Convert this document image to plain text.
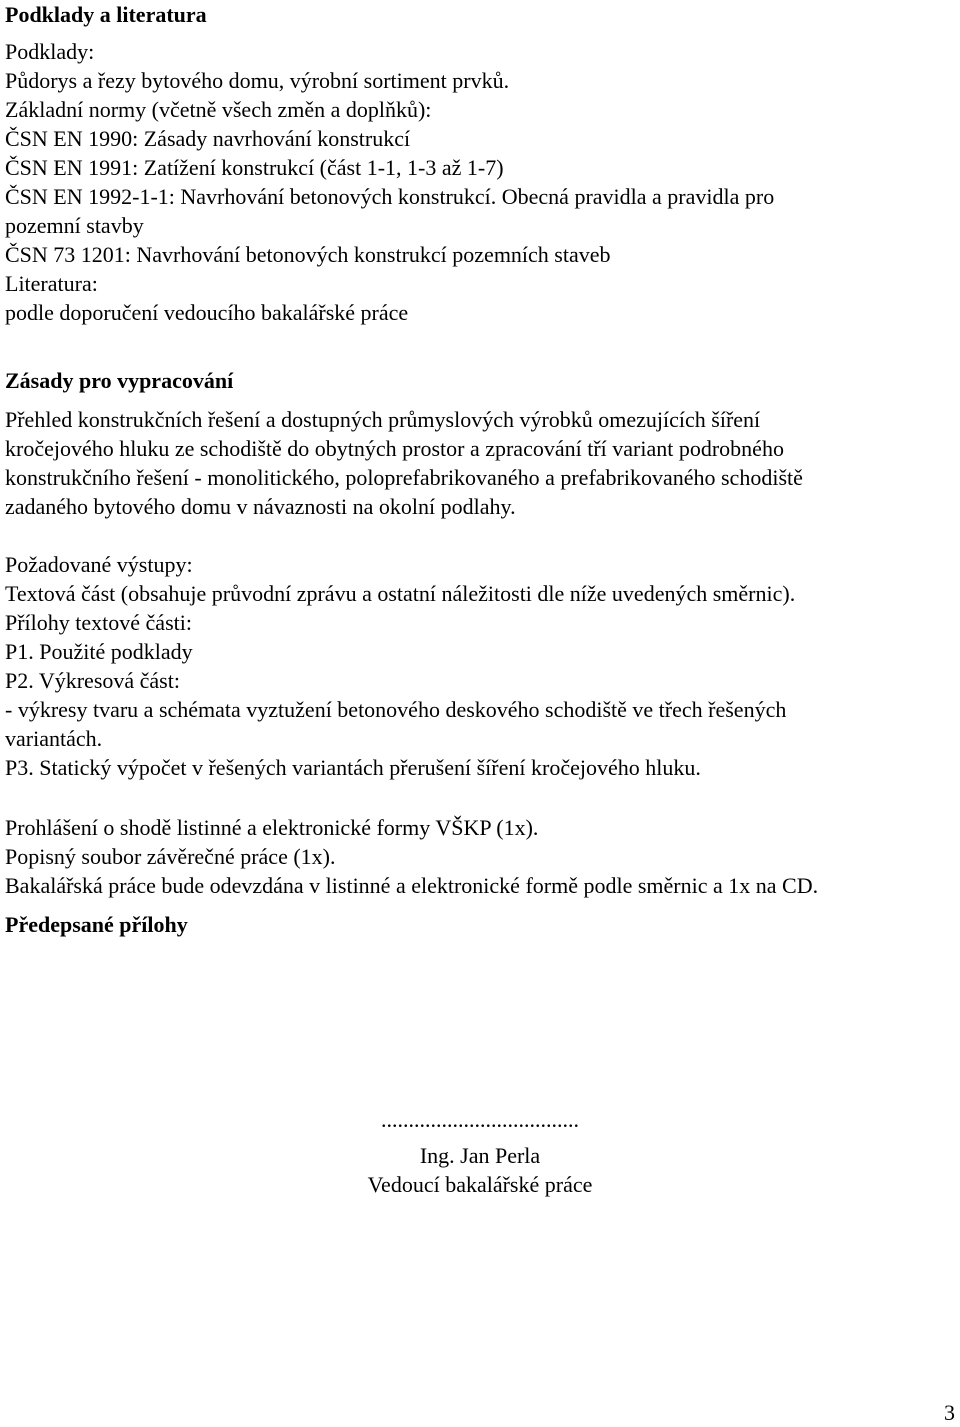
Podklady a literatura
Podklady:
Půdorys a řezy bytového domu, výrobní sortiment prvků.
Základní normy (včetně všech změn a doplňků):
ČSN EN 1990: Zásady navrhování konstrukcí
ČSN EN 1991: Zatížení konstrukcí (část 1-1, 1-3 až 1-7)
ČSN EN 1992-1-1: Navrhování betonových konstrukcí. Obecná pravidla a pravidla pro
pozemní stavby
ČSN 73 1201: Navrhování betonových konstrukcí pozemních staveb
Literatura:
podle doporučení vedoucího bakalářské práce
Zásady pro vypracování
Přehled konstrukčních řešení a dostupných průmyslových výrobků omezujících šíření
kročejového hluku ze schodiště do obytných prostor a zpracování tří variant podrobného
konstrukčního řešení - monolitického, poloprefabrikovaného a prefabrikovaného schodiště
zadaného bytového domu v návaznosti na okolní podlahy.
Požadované výstupy:
Textová část (obsahuje průvodní zprávu a ostatní náležitosti dle níže uvedených směrnic).
Přílohy textové části:
P1. Použité podklady
P2. Výkresová část:
- výkresy tvaru a schémata vyztužení betonového deskového schodiště ve třech řešených
variantách.
P3. Statický výpočet v řešených variantách přerušení šíření kročejového hluku.
Prohlášení o shodě listinné a elektronické formy VŠKP (1x).
Popisný soubor závěrečné práce (1x).
Bakalářská práce bude odevzdána v listinné a elektronické formě podle směrnic a 1x na CD.
Předepsané přílohy
....................................
Ing. Jan Perla
Vedoucí bakalářské práce
3
